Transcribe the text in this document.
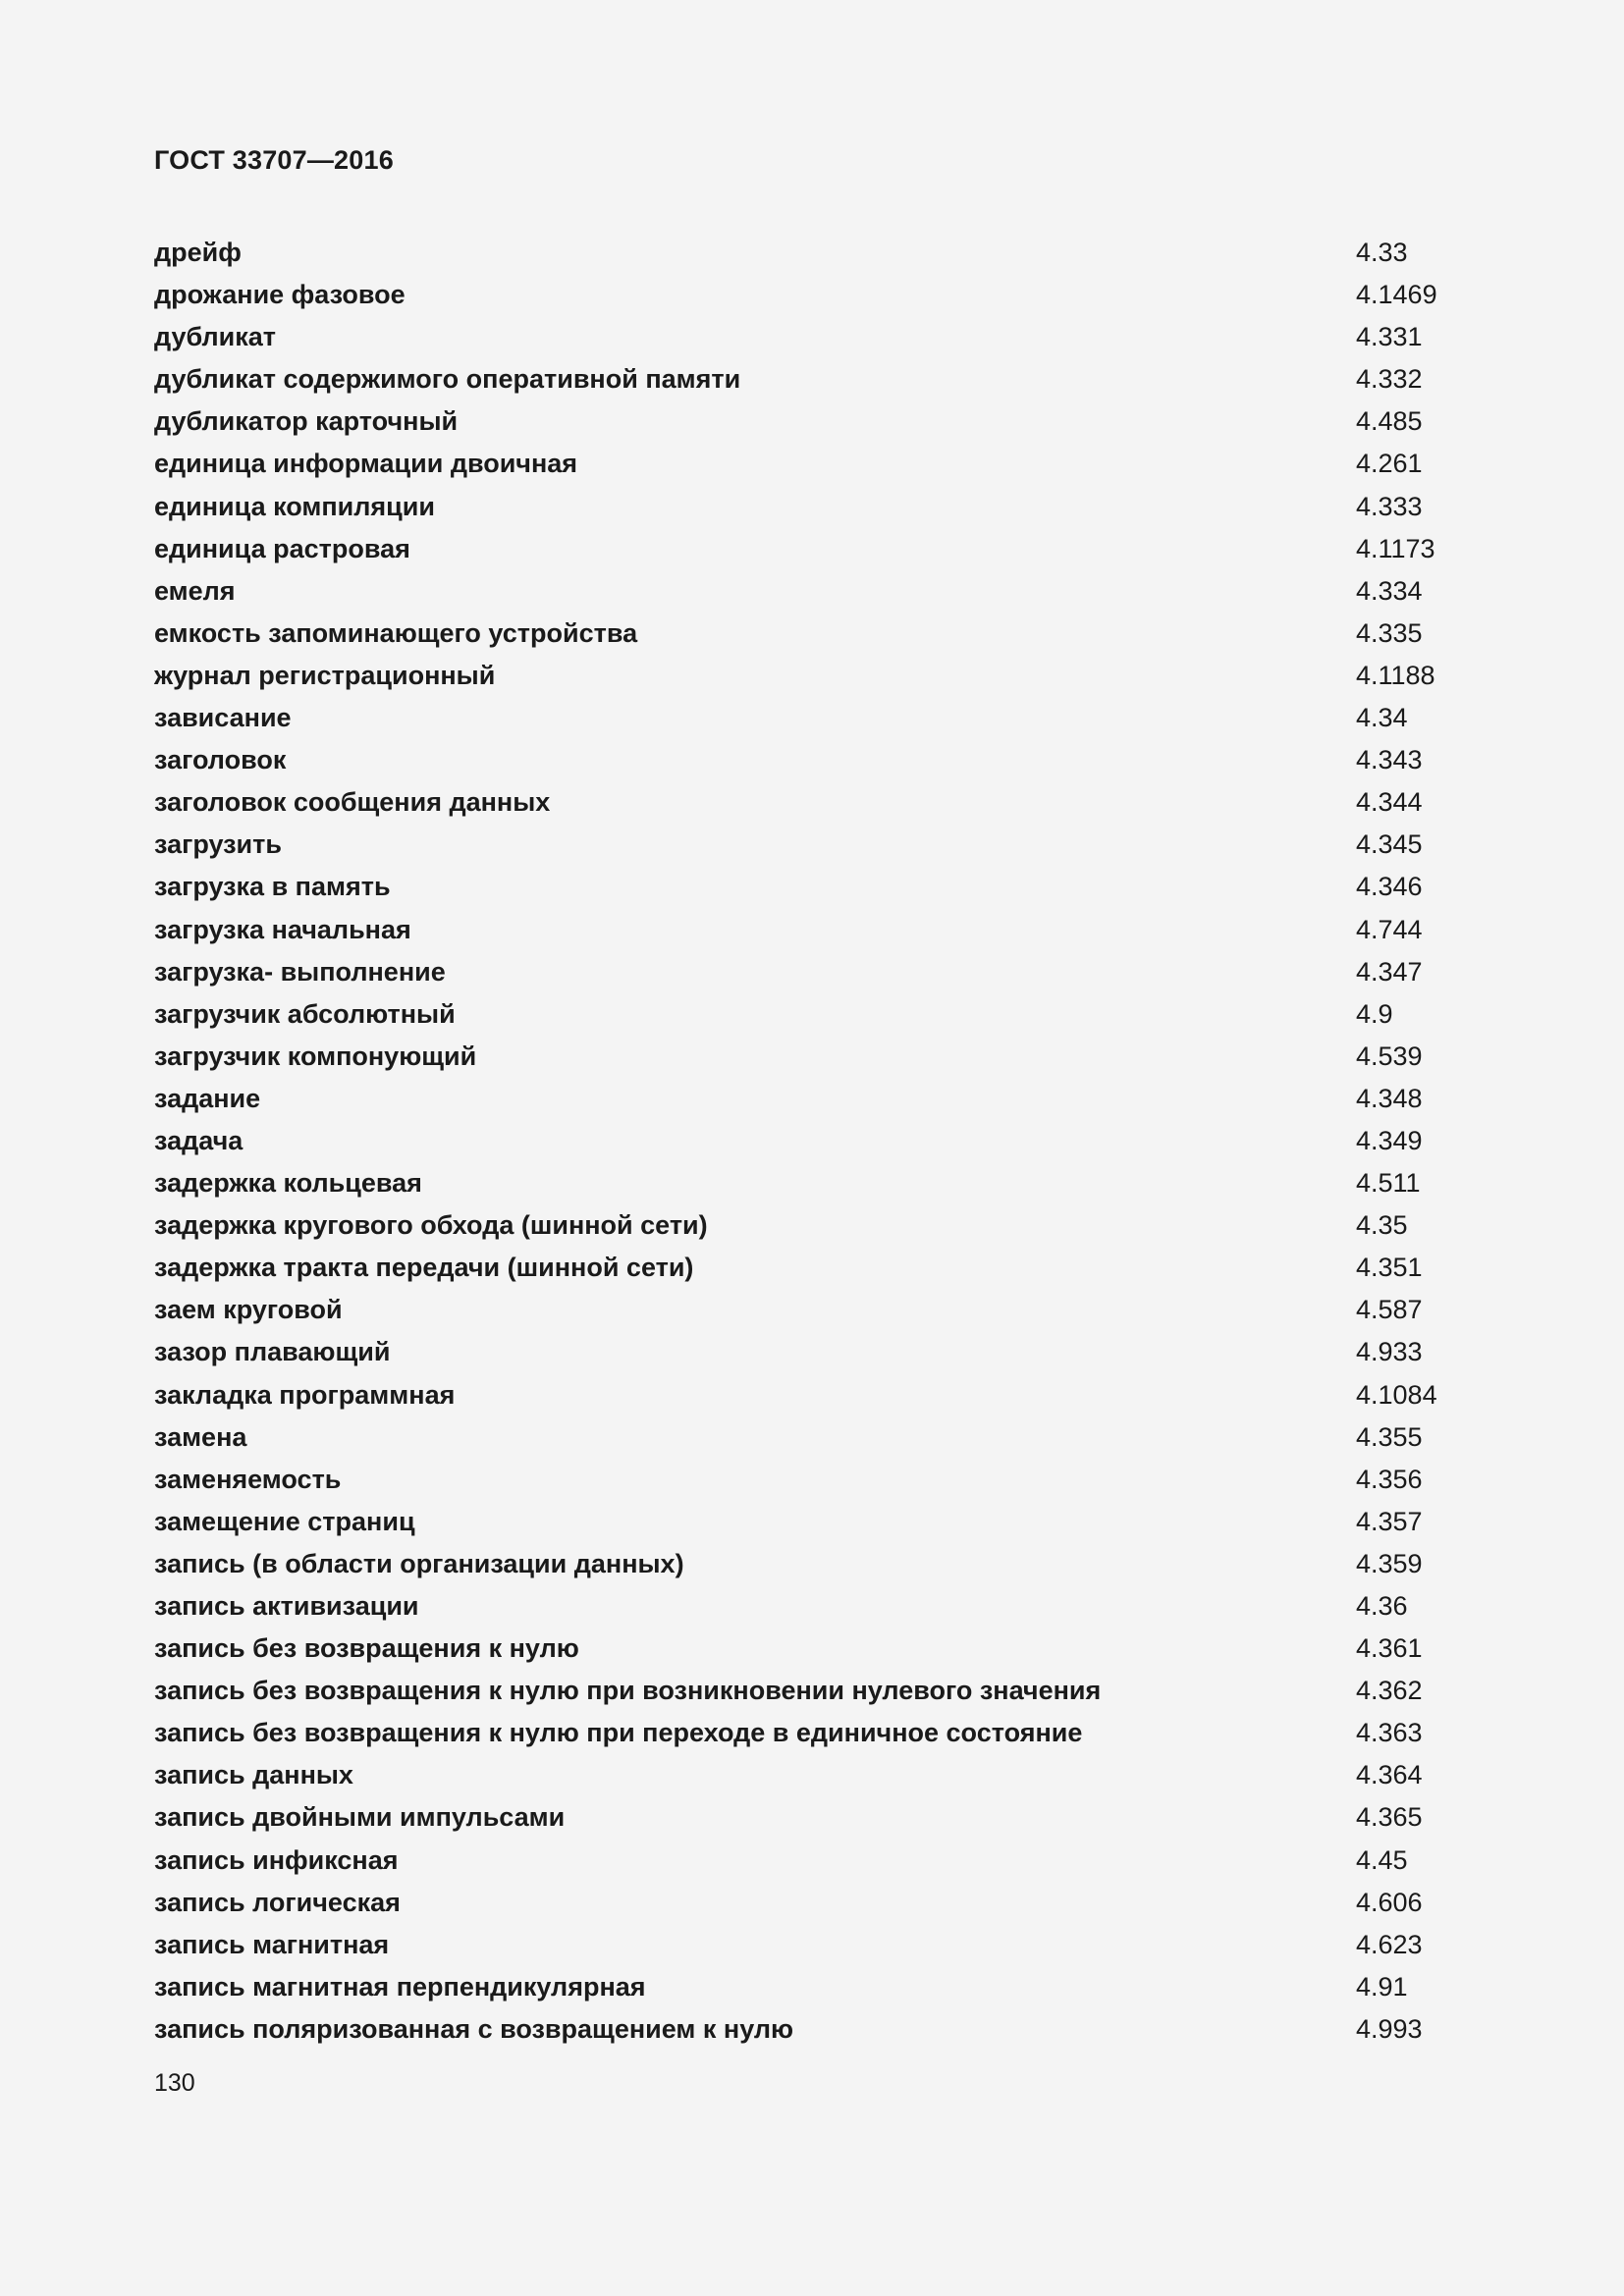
ГОСТ 33707—2016
дрейф	4.33
дрожание фазовое	4.1469
дубликат	4.331
дубликат содержимого оперативной памяти	4.332
дубликатор карточный	4.485
единица информации двоичная	4.261
единица компиляции	4.333
единица растровая	4.1173
емеля	4.334
емкость запоминающего устройства	4.335
журнал регистрационный	4.1188
зависание	4.34
заголовок	4.343
заголовок сообщения данных	4.344
загрузить	4.345
загрузка в память	4.346
загрузка начальная	4.744
загрузка- выполнение	4.347
загрузчик абсолютный	4.9
загрузчик компонующий	4.539
задание	4.348
задача	4.349
задержка кольцевая	4.511
задержка кругового обхода (шинной сети)	4.35
задержка тракта передачи (шинной сети)	4.351
заем круговой	4.587
зазор плавающий	4.933
закладка программная	4.1084
замена	4.355
заменяемость	4.356
замещение страниц	4.357
запись (в области организации данных)	4.359
запись активизации	4.36
запись без возвращения к нулю	4.361
запись без возвращения к нулю при возникновении нулевого значения	4.362
запись без возвращения к нулю при переходе в единичное состояние	4.363
запись данных	4.364
запись двойными импульсами	4.365
запись инфиксная	4.45
запись логическая	4.606
запись магнитная	4.623
запись магнитная перпендикулярная	4.91
запись поляризованная с возвращением к нулю	4.993
130
